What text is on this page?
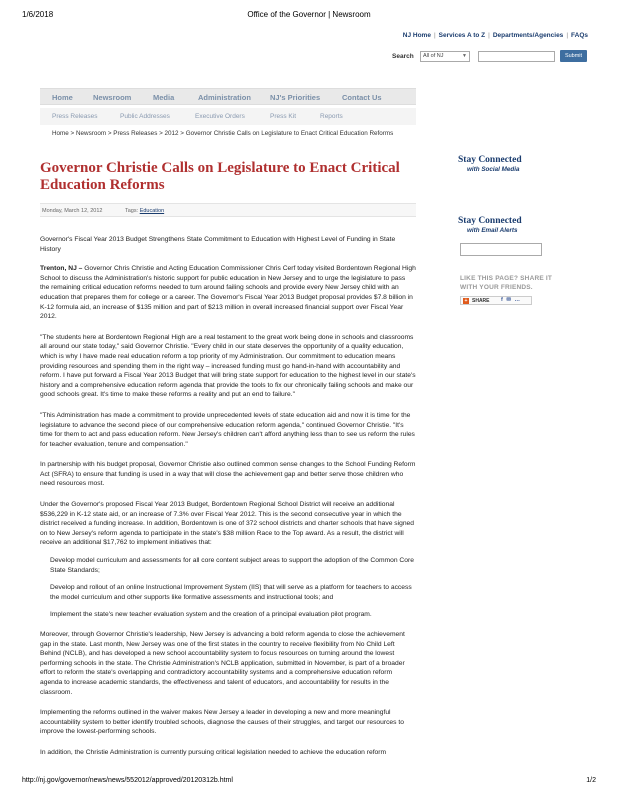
1/6/2018	Office of the Governor | Newsroom
NJ Home | Services A to Z | Departments/Agencies | FAQs
Search	All of NJ	▼	Submit
Home	Newsroom	Media	Administration	NJ's Priorities	Contact Us
Press Releases	Public Addresses	Executive Orders	Press Kit	Reports
Home > Newsroom > Press Releases > 2012 > Governor Christie Calls on Legislature to Enact Critical Education Reforms
Governor Christie Calls on Legislature to Enact Critical Education Reforms
Monday, March 12, 2012	Tags: Education

Governor's Fiscal Year 2013 Budget Strengthens State Commitment to Education with Highest Level of Funding in State History

Trenton, NJ – Governor Chris Christie and Acting Education Commissioner Chris Cerf today visited Bordentown Regional High School to discuss the Administration's historic support for public education in New Jersey and to urge the legislature to pass the remaining critical education reforms needed to turn around failing schools and provide every New Jersey child with an education that prepares them for college or a career. The Governor's Fiscal Year 2013 Budget proposal provides $7.8 billion in K-12 formula aid, an increase of $135 million and part of $213 million in overall increased financial support over Fiscal Year 2012.

"The students here at Bordentown Regional High are a real testament to the great work being done in schools and classrooms all around our state today," said Governor Christie. "Every child in our state deserves the opportunity of a quality education, which is why I have made real education reform a top priority of my Administration. Our commitment to education means providing resources and spending them in the right way – increased funding must go hand-in-hand with accountability and reform. I have put forward a Fiscal Year 2013 Budget that will bring state support for education to the highest level in our state's history and a comprehensive education reform agenda that provide the tools to fix our chronically failing schools and make our good schools great. It's time to make these reforms a reality and put an end to failure."

"This Administration has made a commitment to provide unprecedented levels of state education aid and now it is time for the legislature to advance the second piece of our comprehensive education reform agenda," continued Governor Christie. "It's time for them to act and pass education reform. New Jersey's children can't afford anything less than to see us reform the rules for teacher evaluation, tenure and compensation."

In partnership with his budget proposal, Governor Christie also outlined common sense changes to the School Funding Reform Act (SFRA) to ensure that funding is used in a way that will close the achievement gap and better serve those children who need resources most.

Under the Governor's proposed Fiscal Year 2013 Budget, Bordentown Regional School District will receive an additional $536,229 in K-12 state aid, or an increase of 7.3% over Fiscal Year 2012. This is the second consecutive year in which the district received a funding increase. In addition, Bordentown is one of 372 school districts and charter schools that have signed on to New Jersey's reform agenda to participate in the state's $38 million Race to the Top award. As a result, the district will receive an additional $17,762 to implement initiatives that:

Develop model curriculum and assessments for all core content subject areas to support the adoption of the Common Core State Standards;
Develop and rollout of an online Instructional Improvement System (IIS) that will serve as a platform for teachers to access the model curriculum and other supports like formative assessments and instructional tools; and
Implement the state's new teacher evaluation system and the creation of a principal evaluation pilot program.

Moreover, through Governor Christie's leadership, New Jersey is advancing a bold reform agenda to close the achievement gap in the state. Last month, New Jersey was one of the first states in the country to receive flexibility from No Child Left Behind (NCLB), and has developed a new school accountability system to focus resources on turning around the lowest performing schools in the state. The Christie Administration's NCLB application, submitted in November, is part of a broader effort to reform the state's overlapping and contradictory accountability systems and a comprehensive education reform agenda to increase academic standards, the effectiveness and talent of educators, and accountability for results in the classroom.

Implementing the reforms outlined in the waiver makes New Jersey a leader in developing a new and more meaningful accountability system to better identify troubled schools, diagnose the causes of their struggles, and target our resources to improve the lowest-performing schools.

In addition, the Christie Administration is currently pursuing critical legislation needed to achieve the education reform

Stay Connected
with Social Media
Stay Connected
with Email Alerts
LIKE THIS PAGE? SHARE IT
WITH YOUR FRIENDS.
+ SHARE f ✉ …
http://nj.gov/governor/news/news/552012/approved/20120312b.html	1/2
